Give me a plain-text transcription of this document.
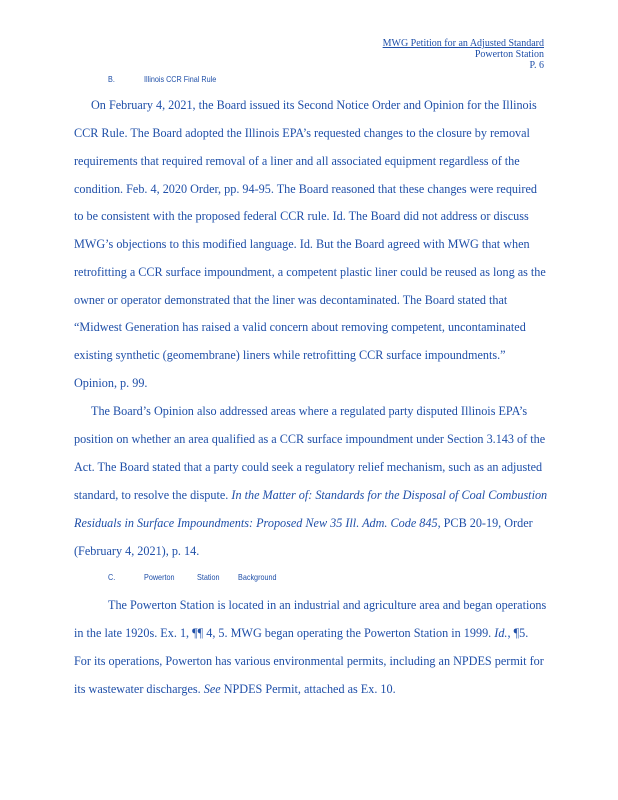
MWG Petition for an Adjusted Standard
Powerton Station
P. 6
B.	Illinois CCR Final Rule
On February 4, 2021, the Board issued its Second Notice Order and Opinion for the Illinois
CCR Rule. The Board adopted the Illinois EPA’s requested changes to the closure by removal
requirements that required removal of a liner and all associated equipment regardless of the
condition. Feb. 4, 2020 Order, pp. 94-95. The Board reasoned that these changes were required
to be consistent with the proposed federal CCR rule. Id. The Board did not address or discuss
MWG’s objections to this modified language. Id. But the Board agreed with MWG that when
retrofitting a CCR surface impoundment, a competent plastic liner could be reused as long as the
owner or operator demonstrated that the liner was decontaminated. The Board stated that
“Midwest Generation has raised a valid concern about removing competent, uncontaminated
existing synthetic (geomembrane) liners while retrofitting CCR surface impoundments.”
Opinion, p. 99.
The Board’s Opinion also addressed areas where a regulated party disputed Illinois EPA’s
position on whether an area qualified as a CCR surface impoundment under Section 3.143 of the
Act. The Board stated that a party could seek a regulatory relief mechanism, such as an adjusted
standard, to resolve the dispute. In the Matter of: Standards for the Disposal of Coal Combustion
Residuals in Surface Impoundments: Proposed New 35 Ill. Adm. Code 845, PCB 20-19, Order
(February 4, 2021), p. 14.
C.	Powerton	Station Background
The Powerton Station is located in an industrial and agriculture area and began operations
in the late 1920s. Ex. 1, ¶¶ 4, 5. MWG began operating the Powerton Station in 1999. Id., ¶5.
For its operations, Powerton has various environmental permits, including an NPDES permit for
its wastewater discharges. See NPDES Permit, attached as Ex. 10.
